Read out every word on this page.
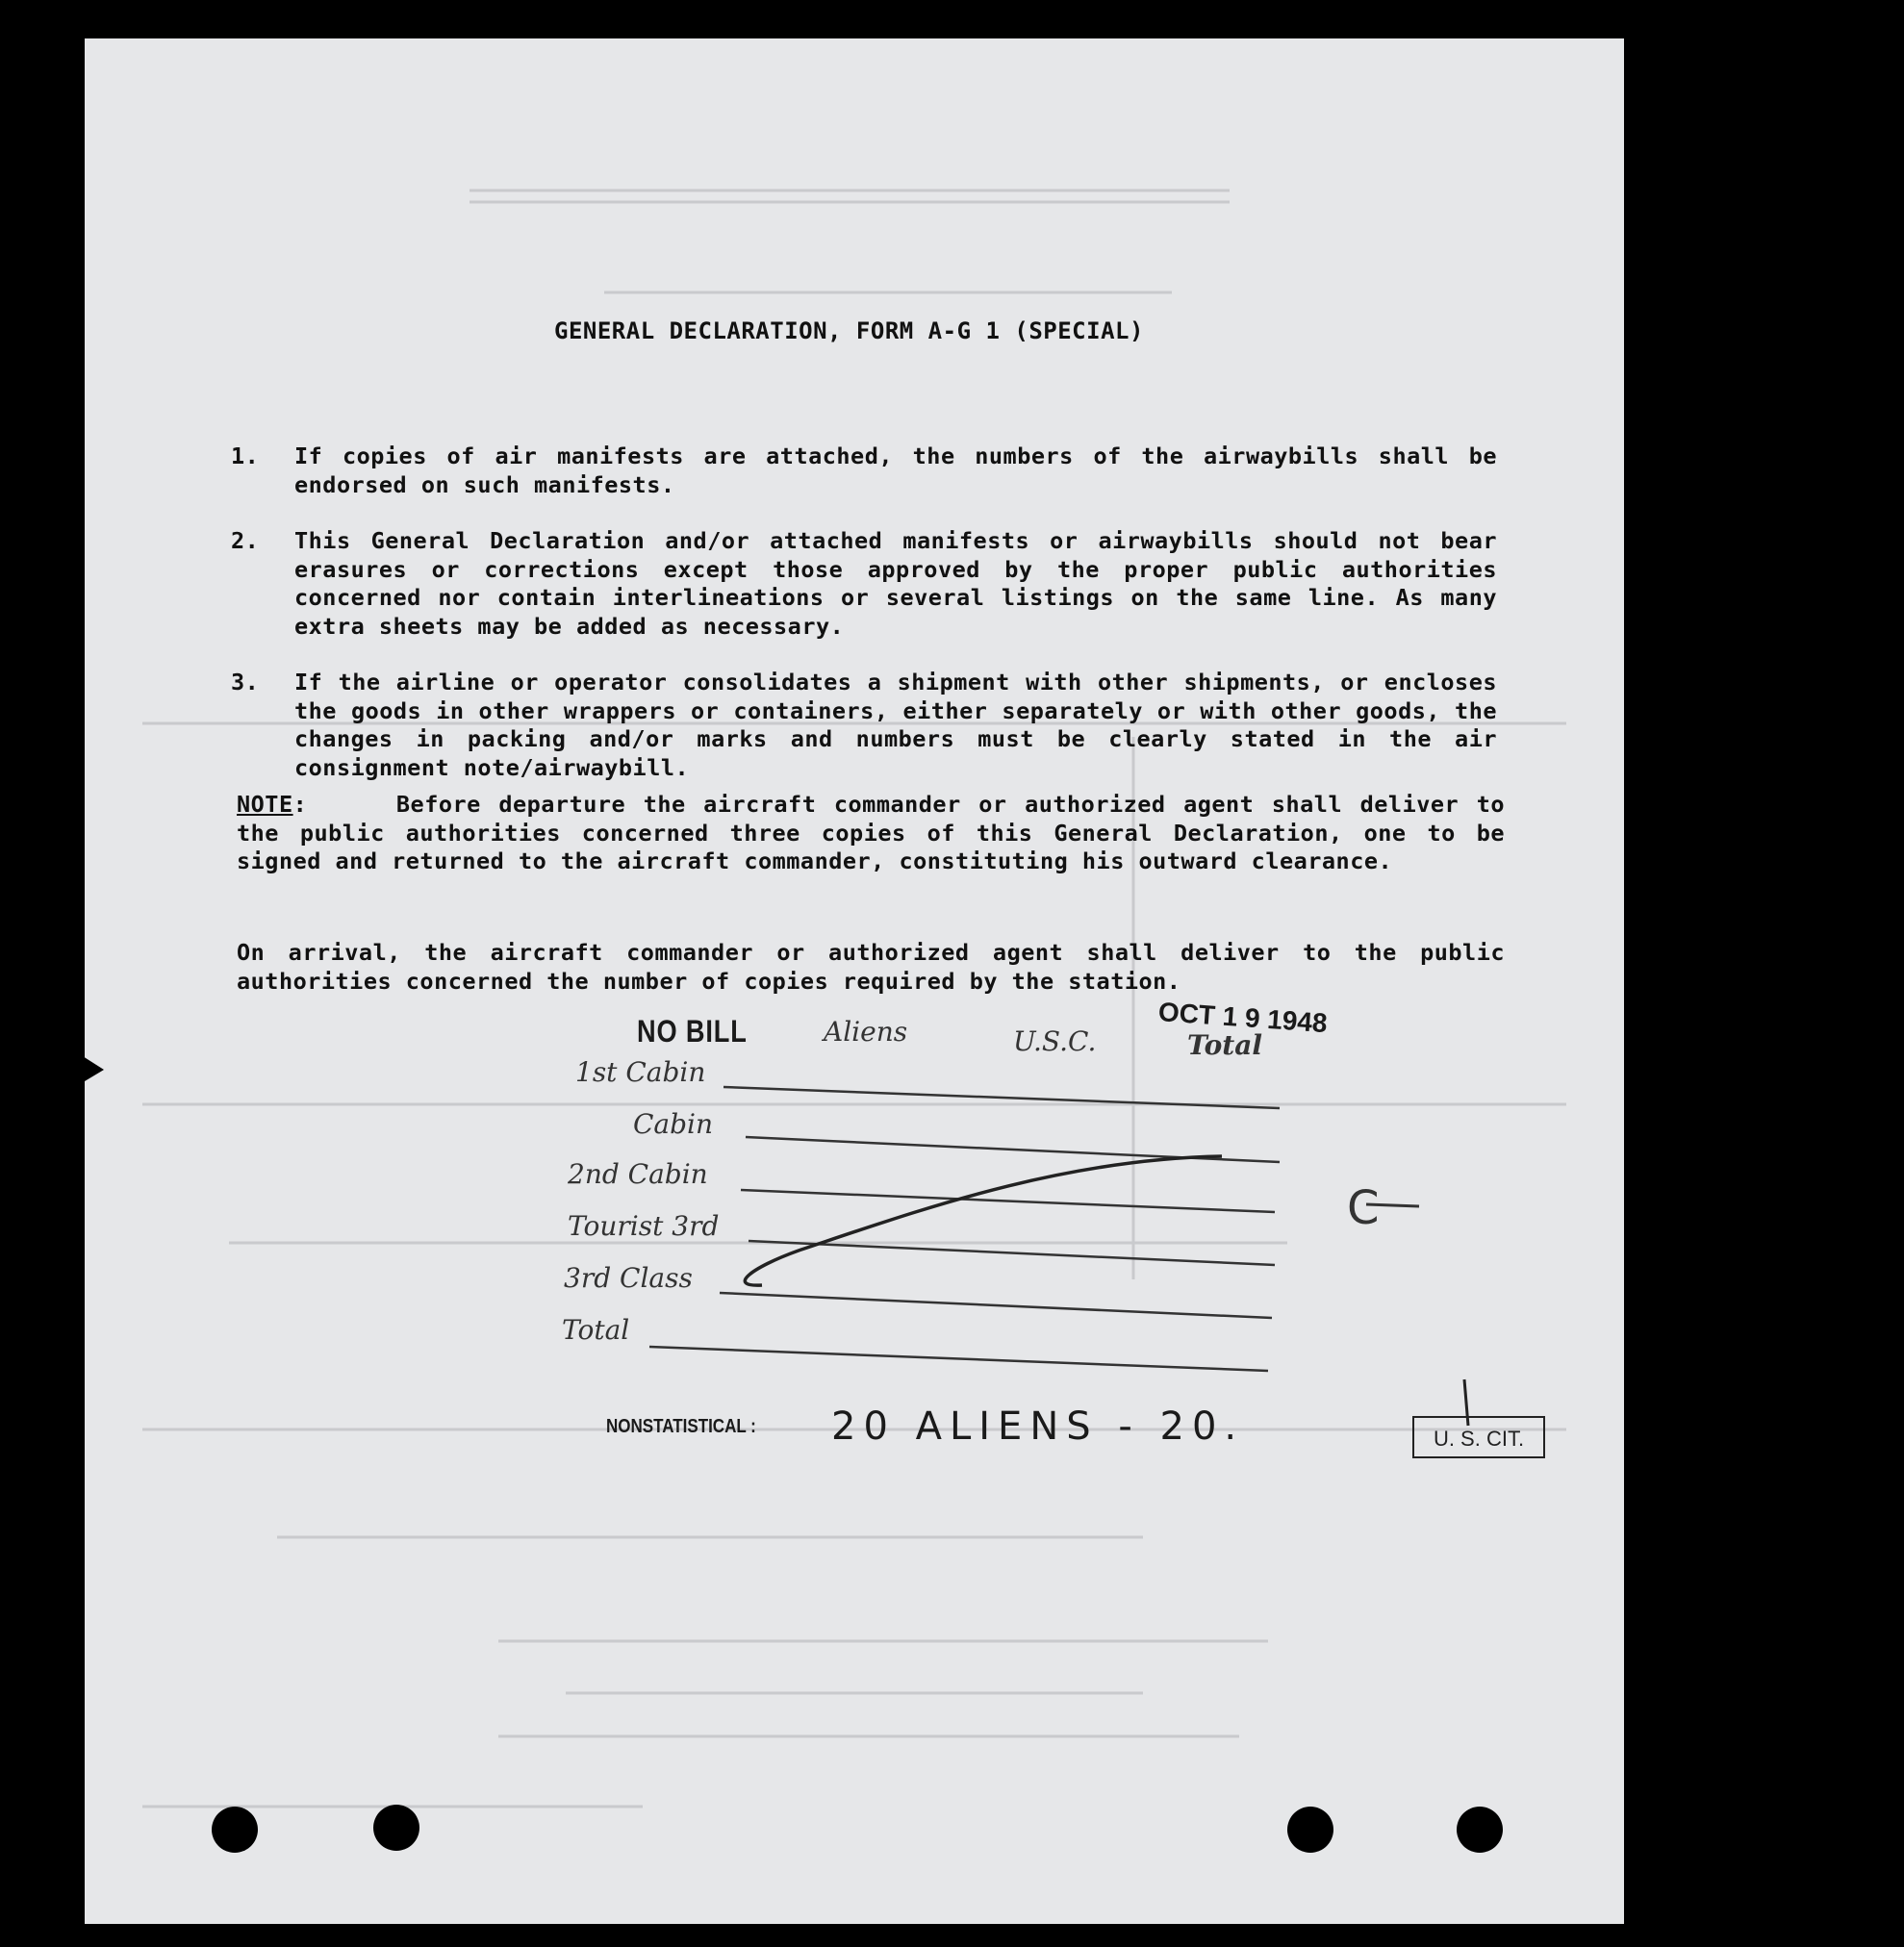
GENERAL DECLARATION, FORM A-G 1 (SPECIAL)
1. If copies of air manifests are attached, the numbers of the airwaybills shall be endorsed on such manifests.
2. This General Declaration and/or attached manifests or airwaybills should not bear erasures or corrections except those approved by the proper public authorities concerned nor contain interlineations or several listings on the same line. As many extra sheets may be added as necessary.
3. If the airline or operator consolidates a shipment with other shipments, or encloses the goods in other wrappers or containers, either separately or with other goods, the changes in packing and/or marks and numbers must be clearly stated in the air consignment note/airwaybill.
NOTE:     Before departure the aircraft commander or authorized agent shall deliver to the public authorities concerned three copies of this General Declaration, one to be signed and returned to the aircraft commander, constituting his outward clearance.
On arrival, the aircraft commander or authorized agent shall deliver to the public authorities concerned the number of copies required by the station.
NO BILL	Aliens	U.S.C.	Total
OCT 1 9 1948
1st Cabin
Cabin
2nd Cabin
Tourist 3rd
3rd Class
Total
NONSTATISTICAL : 20 ALIENS - 20.	U. S. CIT.
C
